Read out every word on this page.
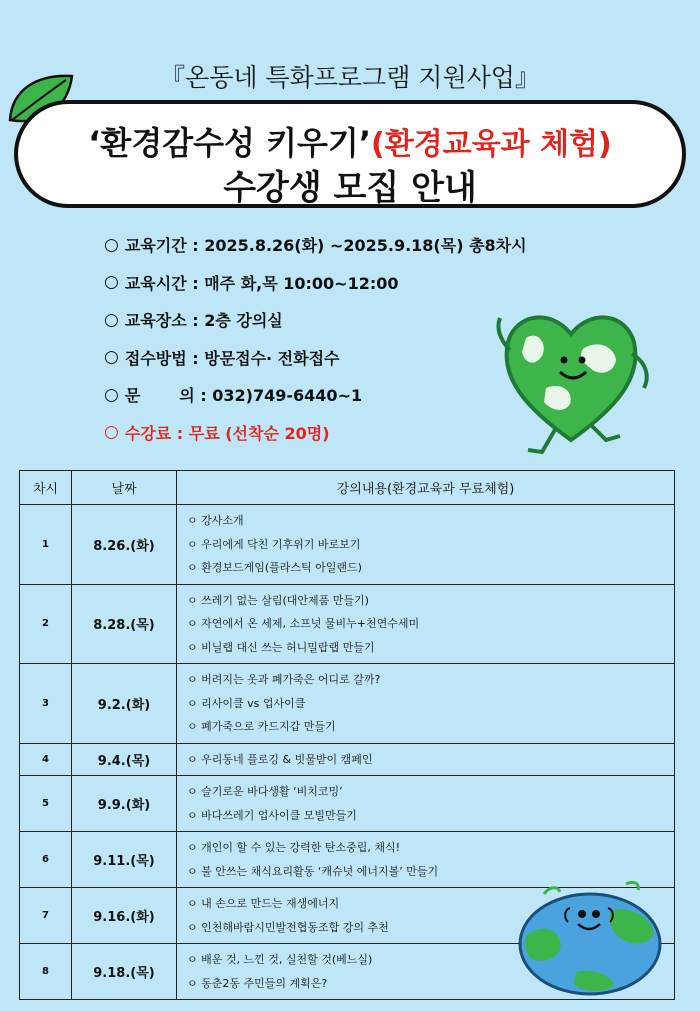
『온동네 특화프로그램 지원사업』
‘환경감수성 키우기’(환경교육과 체험)
수강생 모집 안내
○ 교육기간 : 2025.8.26(화) ~2025.9.18(목) 총8차시
○ 교육시간 : 매주 화,목 10:00~12:00
○ 교육장소 : 2층 강의실
○ 접수방법 : 방문접수· 전화접수
○ 문       의 : 032)749-6440~1
○ 수강료 : 무료 (선착순 20명)
차시	날짜	강의내용(환경교육과 무료체험)
1	8.26.(화)	ㅇ 강사소개
ㅇ 우리에게 닥친 기후위기 바로보기
ㅇ 환경보드게임(플라스틱 아일랜드)

2	8.28.(목)	ㅇ 쓰레기 없는 살림(대안제품 만들기)
ㅇ 자연에서 온 세제, 소프넛 물비누+천연수세미
ㅇ 비닐랩 대신 쓰는 허니밀랍랩 만들기

3	9.2.(화)	ㅇ 버려지는 옷과 폐가죽은 어디로 갈까?
ㅇ 리사이클 vs 업사이클
ㅇ 폐가죽으로 카드지갑 만들기

4	9.4.(목)	ㅇ 우리동네 플로깅 & 빗물받이 캠페인

5	9.9.(화)	ㅇ 슬기로운 바다생활 ‘비치코밍’
ㅇ 바다쓰레기 업사이클 모빌만들기

6	9.11.(목)	ㅇ 개인이 할 수 있는 강력한 탄소중립, 채식!
ㅇ 불 안쓰는 채식요리활동 ‘캐슈넛 에너지볼’ 만들기

7	9.16.(화)	ㅇ 내 손으로 만드는 재생에너지
ㅇ 인천해바람시민발전협동조합 강의 추천

8	9.18.(목)	ㅇ 배운 것, 느낀 것, 실천할 것(베느실)
ㅇ 동춘2동 주민들의 계획은?
